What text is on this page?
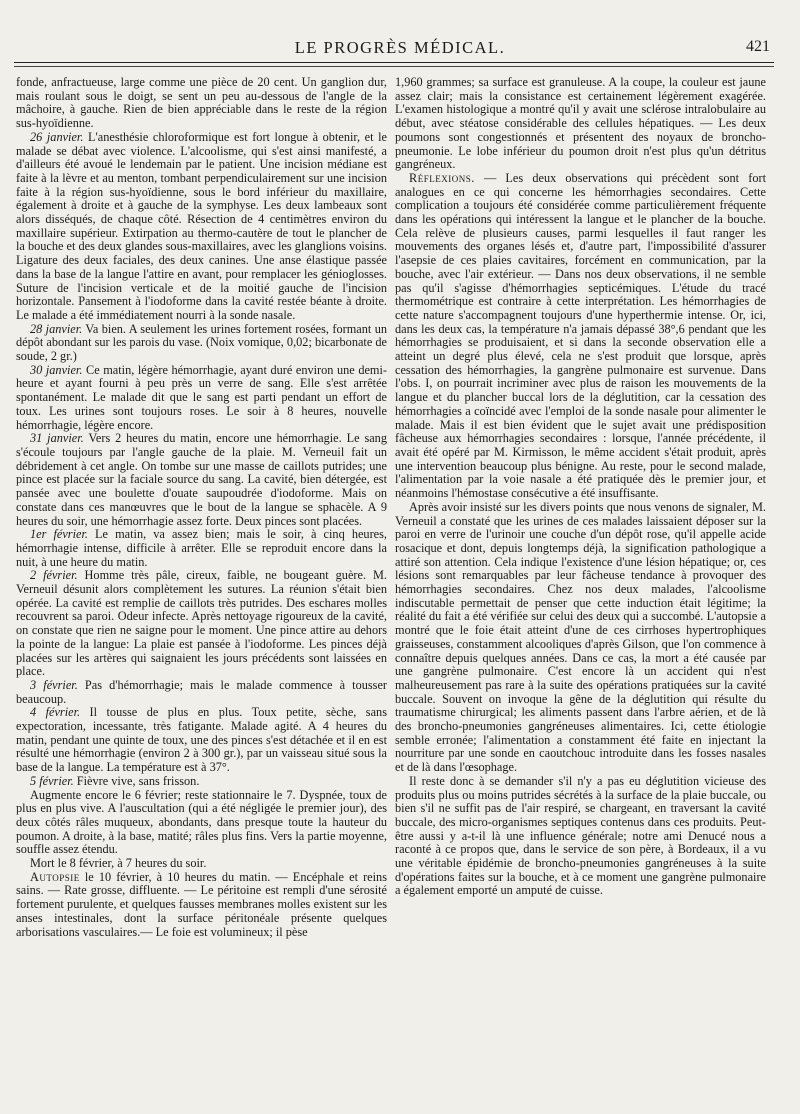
LE PROGRÈS MÉDICAL.	421

fonde, anfractueuse, large comme une pièce de 20 cent. Un ganglion dur, mais roulant sous le doigt, se sent un peu au-dessous de l'angle de la mâchoire, à gauche. Rien de bien appréciable dans le reste de la région sus-hyoïdienne.

26 janvier. L'anesthésie chloroformique est fort longue à obtenir, et le malade se débat avec violence. L'alcoolisme, qui s'est ainsi manifesté, a d'ailleurs été avoué le lendemain par le patient. Une incision médiane est faite à la lèvre et au menton, tombant perpendiculairement sur une incision faite à la région sus-hyoïdienne, sous le bord inférieur du maxillaire, également à droite et à gauche de la symphyse. Les deux lambeaux sont alors disséqués, de chaque côté. Résection de 4 centimètres environ du maxillaire supérieur. Extirpation au thermo-cautère de tout le plancher de la bouche et des deux glandes sous-maxillaires, avec les glanglions voisins. Ligature des deux faciales, des deux canines. Une anse élastique passée dans la base de la langue l'attire en avant, pour remplacer les génioglosses. Suture de l'incision verticale et de la moitié gauche de l'incision horizontale. Pansement à l'iodoforme dans la cavité restée béante à droite. Le malade a été immédiatement nourri à la sonde nasale.

28 janvier. Va bien. A seulement les urines fortement rosées, formant un dépôt abondant sur les parois du vase. (Noix vomique, 0,02; bicarbonate de soude, 2 gr.)

30 janvier. Ce matin, légère hémorrhagie, ayant duré environ une demi-heure et ayant fourni à peu près un verre de sang. Elle s'est arrêtée spontanément. Le malade dit que le sang est parti pendant un effort de toux. Les urines sont toujours roses. Le soir à 8 heures, nouvelle hémorrhagie, légère encore.

31 janvier. Vers 2 heures du matin, encore une hémorrhagie. Le sang s'écoule toujours par l'angle gauche de la plaie. M. Verneuil fait un débridement à cet angle. On tombe sur une masse de caillots putrides; une pince est placée sur la faciale source du sang. La cavité, bien détergée, est pansée avec une boulette d'ouate saupoudrée d'iodoforme. Mais on constate dans ces manœuvres que le bout de la langue se sphacèle. A 9 heures du soir, une hémorrhagie assez forte. Deux pinces sont placées.

1er février. Le matin, va assez bien; mais le soir, à cinq heures, hémorrhagie intense, difficile à arrêter. Elle se reproduit encore dans la nuit, à une heure du matin.

2 février. Homme très pâle, cireux, faible, ne bougeant guère. M. Verneuil désunit alors complètement les sutures. La réunion s'était bien opérée. La cavité est remplie de caillots très putrides. Des eschares molles recouvrent sa paroi. Odeur infecte. Après nettoyage rigoureux de la cavité, on constate que rien ne saigne pour le moment. Une pince attire au dehors la pointe de la langue: La plaie est pansée à l'iodoforme. Les pinces déjà placées sur les artères qui saignaient les jours précédents sont laissées en place.

3 février. Pas d'hémorrhagie; mais le malade commence à tousser beaucoup.

4 février. Il tousse de plus en plus. Toux petite, sèche, sans expectoration, incessante, très fatigante. Malade agité. A 4 heures du matin, pendant une quinte de toux, une des pinces s'est détachée et il en est résulté une hémorrhagie (environ 2 à 300 gr.), par un vaisseau situé sous la base de la langue. La température est à 37°.

5 février. Fièvre vive, sans frisson.

Augmente encore le 6 février; reste stationnaire le 7. Dyspnée, toux de plus en plus vive. A l'auscultation (qui a été négligée le premier jour), des deux côtés râles muqueux, abondants, dans presque toute la hauteur du poumon. A droite, à la base, matité; râles plus fins. Vers la partie moyenne, souffle assez étendu.

Mort le 8 février, à 7 heures du soir.

Autopsie le 10 février, à 10 heures du matin. — Encéphale et reins sains. — Rate grosse, diffluente. — Le péritoine est rempli d'une sérosité fortement purulente, et quelques fausses membranes molles existent sur les anses intestinales, dont la surface péritonéale présente quelques arborisations vasculaires.— Le foie est volumineux; il pèse

1,960 grammes; sa surface est granuleuse. A la coupe, la couleur est jaune assez clair; mais la consistance est certainement légèrement exagérée. L'examen histologique a montré qu'il y avait une sclérose intralobulaire au début, avec stéatose considérable des cellules hépatiques. — Les deux poumons sont congestionnés et présentent des noyaux de broncho-pneumonie. Le lobe inférieur du poumon droit n'est plus qu'un détritus gangréneux.

Réflexions. — Les deux observations qui précèdent sont fort analogues en ce qui concerne les hémorrhagies secondaires. Cette complication a toujours été considérée comme particulièrement fréquente dans les opérations qui intéressent la langue et le plancher de la bouche. Cela relève de plusieurs causes, parmi lesquelles il faut ranger les mouvements des organes lésés et, d'autre part, l'impossibilité d'assurer l'asepsie de ces plaies cavitaires, forcément en communication, par la bouche, avec l'air extérieur. — Dans nos deux observations, il ne semble pas qu'il s'agisse d'hémorrhagies septicémiques. L'étude du tracé thermométrique est contraire à cette interprétation. Les hémorrhagies de cette nature s'accompagnent toujours d'une hyperthermie intense. Or, ici, dans les deux cas, la température n'a jamais dépassé 38°,6 pendant que les hémorrhagies se produisaient, et si dans la seconde observation elle a atteint un degré plus élevé, cela ne s'est produit que lorsque, après cessation des hémorrhagies, la gangrène pulmonaire est survenue. Dans l'obs. I, on pourrait incriminer avec plus de raison les mouvements de la langue et du plancher buccal lors de la déglutition, car la cessation des hémorrhagies a coïncidé avec l'emploi de la sonde nasale pour alimenter le malade. Mais il est bien évident que le sujet avait une prédisposition fâcheuse aux hémorrhagies secondaires : lorsque, l'année précédente, il avait été opéré par M. Kirmisson, le même accident s'était produit, après une intervention beaucoup plus bénigne. Au reste, pour le second malade, l'alimentation par la voie nasale a été pratiquée dès le premier jour, et néanmoins l'hémostase consécutive a été insuffisante.

Après avoir insisté sur les divers points que nous venons de signaler, M. Verneuil a constaté que les urines de ces malades laissaient déposer sur la paroi en verre de l'urinoir une couche d'un dépôt rose, qu'il appelle acide rosacique et dont, depuis longtemps déjà, la signification pathologique a attiré son attention. Cela indique l'existence d'une lésion hépatique; or, ces lésions sont remarquables par leur fâcheuse tendance à provoquer des hémorrhagies secondaires. Chez nos deux malades, l'alcoolisme indiscutable permettait de penser que cette induction était légitime; la réalité du fait a été vérifiée sur celui des deux qui a succombé. L'autopsie a montré que le foie était atteint d'une de ces cirrhoses hypertrophiques graisseuses, constamment alcooliques d'après Gilson, que l'on commence à connaître depuis quelques années. Dans ce cas, la mort a été causée par une gangrène pulmonaire. C'est encore là un accident qui n'est malheureusement pas rare à la suite des opérations pratiquées sur la cavité buccale. Souvent on invoque la gêne de la déglutition qui résulte du traumatisme chirurgical; les aliments passent dans l'arbre aérien, et de là des broncho-pneumonies gangréneuses alimentaires. Ici, cette étiologie semble erronée; l'alimentation a constamment été faite en injectant la nourriture par une sonde en caoutchouc introduite dans les fosses nasales et de là dans l'œsophage.

Il reste donc à se demander s'il n'y a pas eu déglutition vicieuse des produits plus ou moins putrides sécrétés à la surface de la plaie buccale, ou bien s'il ne suffit pas de l'air respiré, se chargeant, en traversant la cavité buccale, des micro-organismes septiques contenus dans ces produits. Peut-être aussi y a-t-il là une influence générale; notre ami Denucé nous a raconté à ce propos que, dans le service de son père, à Bordeaux, il a vu une véritable épidémie de broncho-pneumonies gangréneuses à la suite d'opérations faites sur la bouche, et à ce moment une gangrène pulmonaire a également emporté un amputé de cuisse.
